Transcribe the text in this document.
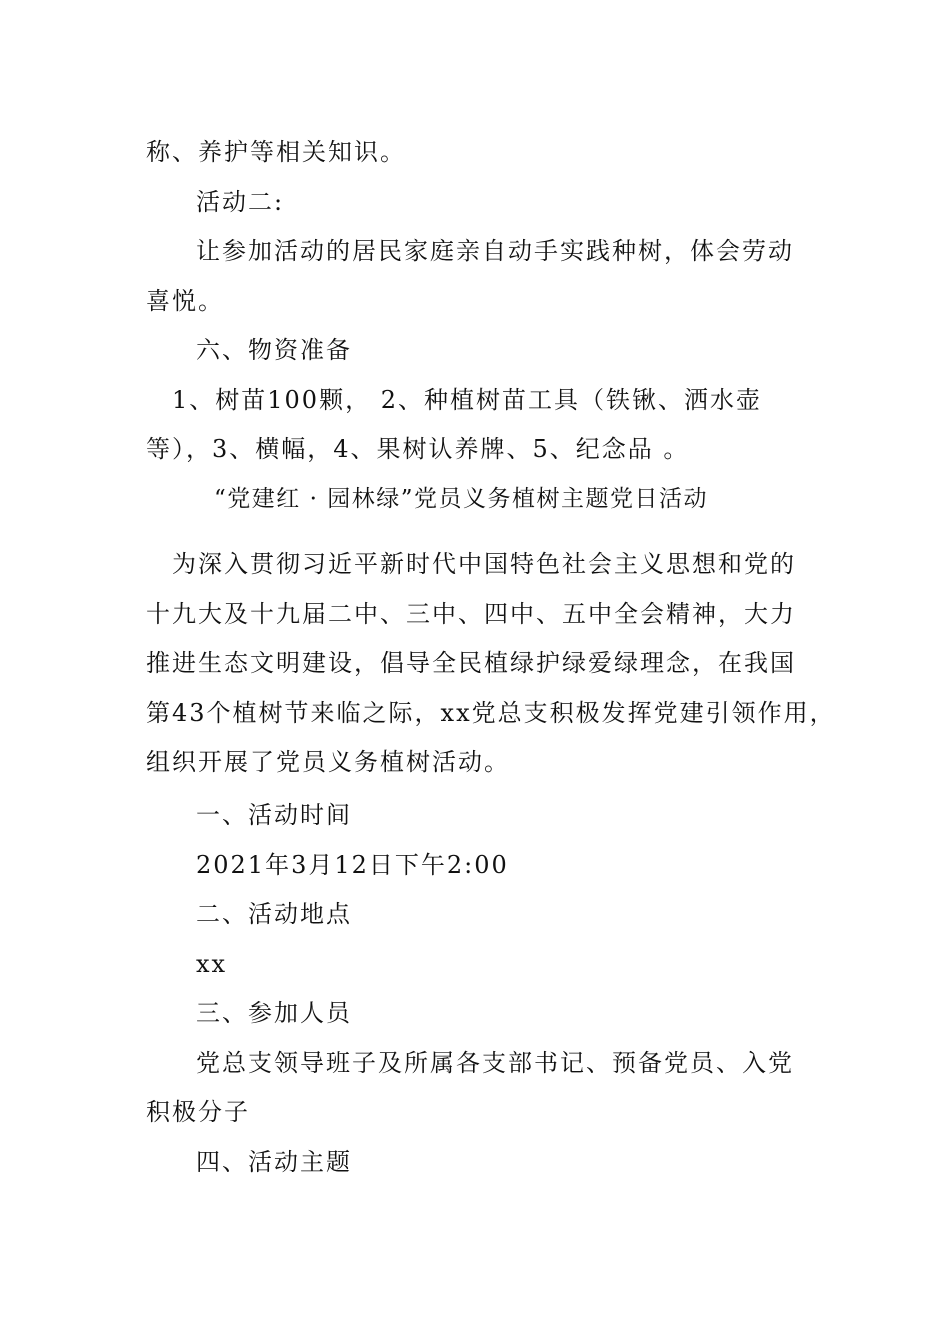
称、养护等相关知识。
活动二:
让参加活动的居民家庭亲自动手实践种树，体会劳动
喜悦。
六、物资准备
1、树苗100颗， 2、种植树苗工具（铁锹、洒水壶
等），3、横幅，4、果树认养牌、5、纪念品 。
“党建红 · 园林绿”党员义务植树主题党日活动
为深入贯彻习近平新时代中国特色社会主义思想和党的
十九大及十九届二中、三中、四中、五中全会精神，大力
推进生态文明建设，倡导全民植绿护绿爱绿理念，在我国
第43个植树节来临之际，xx党总支积极发挥党建引领作用，
组织开展了党员义务植树活动。
一、活动时间
2021年3月12日下午2:00
二、活动地点
xx
三、参加人员
党总支领导班子及所属各支部书记、预备党员、入党
积极分子
四、活动主题
